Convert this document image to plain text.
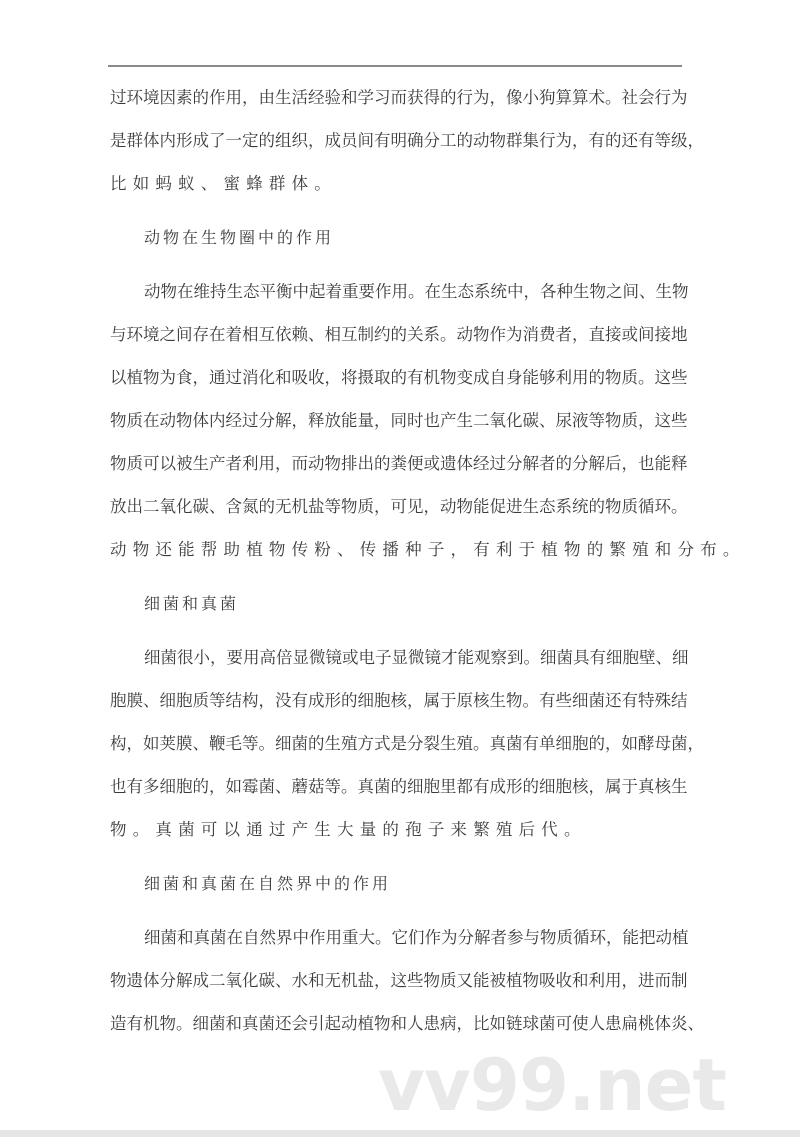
过环境因素的作用，由生活经验和学习而获得的行为，像小狗算算术。社会行为
是群体内形成了一定的组织，成员间有明确分工的动物群集行为，有的还有等级，
比如蚂蚁、蜜蜂群体。
动物在生物圈中的作用
动物在维持生态平衡中起着重要作用。在生态系统中，各种生物之间、生物
与环境之间存在着相互依赖、相互制约的关系。动物作为消费者，直接或间接地
以植物为食，通过消化和吸收，将摄取的有机物变成自身能够利用的物质。这些
物质在动物体内经过分解，释放能量，同时也产生二氧化碳、尿液等物质，这些
物质可以被生产者利用，而动物排出的粪便或遗体经过分解者的分解后，也能释
放出二氧化碳、含氮的无机盐等物质，可见，动物能促进生态系统的物质循环。
动物还能帮助植物传粉、传播种子，有利于植物的繁殖和分布。
细菌和真菌
细菌很小，要用高倍显微镜或电子显微镜才能观察到。细菌具有细胞壁、细
胞膜、细胞质等结构，没有成形的细胞核，属于原核生物。有些细菌还有特殊结
构，如荚膜、鞭毛等。细菌的生殖方式是分裂生殖。真菌有单细胞的，如酵母菌，
也有多细胞的，如霉菌、蘑菇等。真菌的细胞里都有成形的细胞核，属于真核生
物。真菌可以通过产生大量的孢子来繁殖后代。
细菌和真菌在自然界中的作用
细菌和真菌在自然界中作用重大。它们作为分解者参与物质循环，能把动植
物遗体分解成二氧化碳、水和无机盐，这些物质又能被植物吸收和利用，进而制
造有机物。细菌和真菌还会引起动植物和人患病，比如链球菌可使人患扁桃体炎、
vv99.net
